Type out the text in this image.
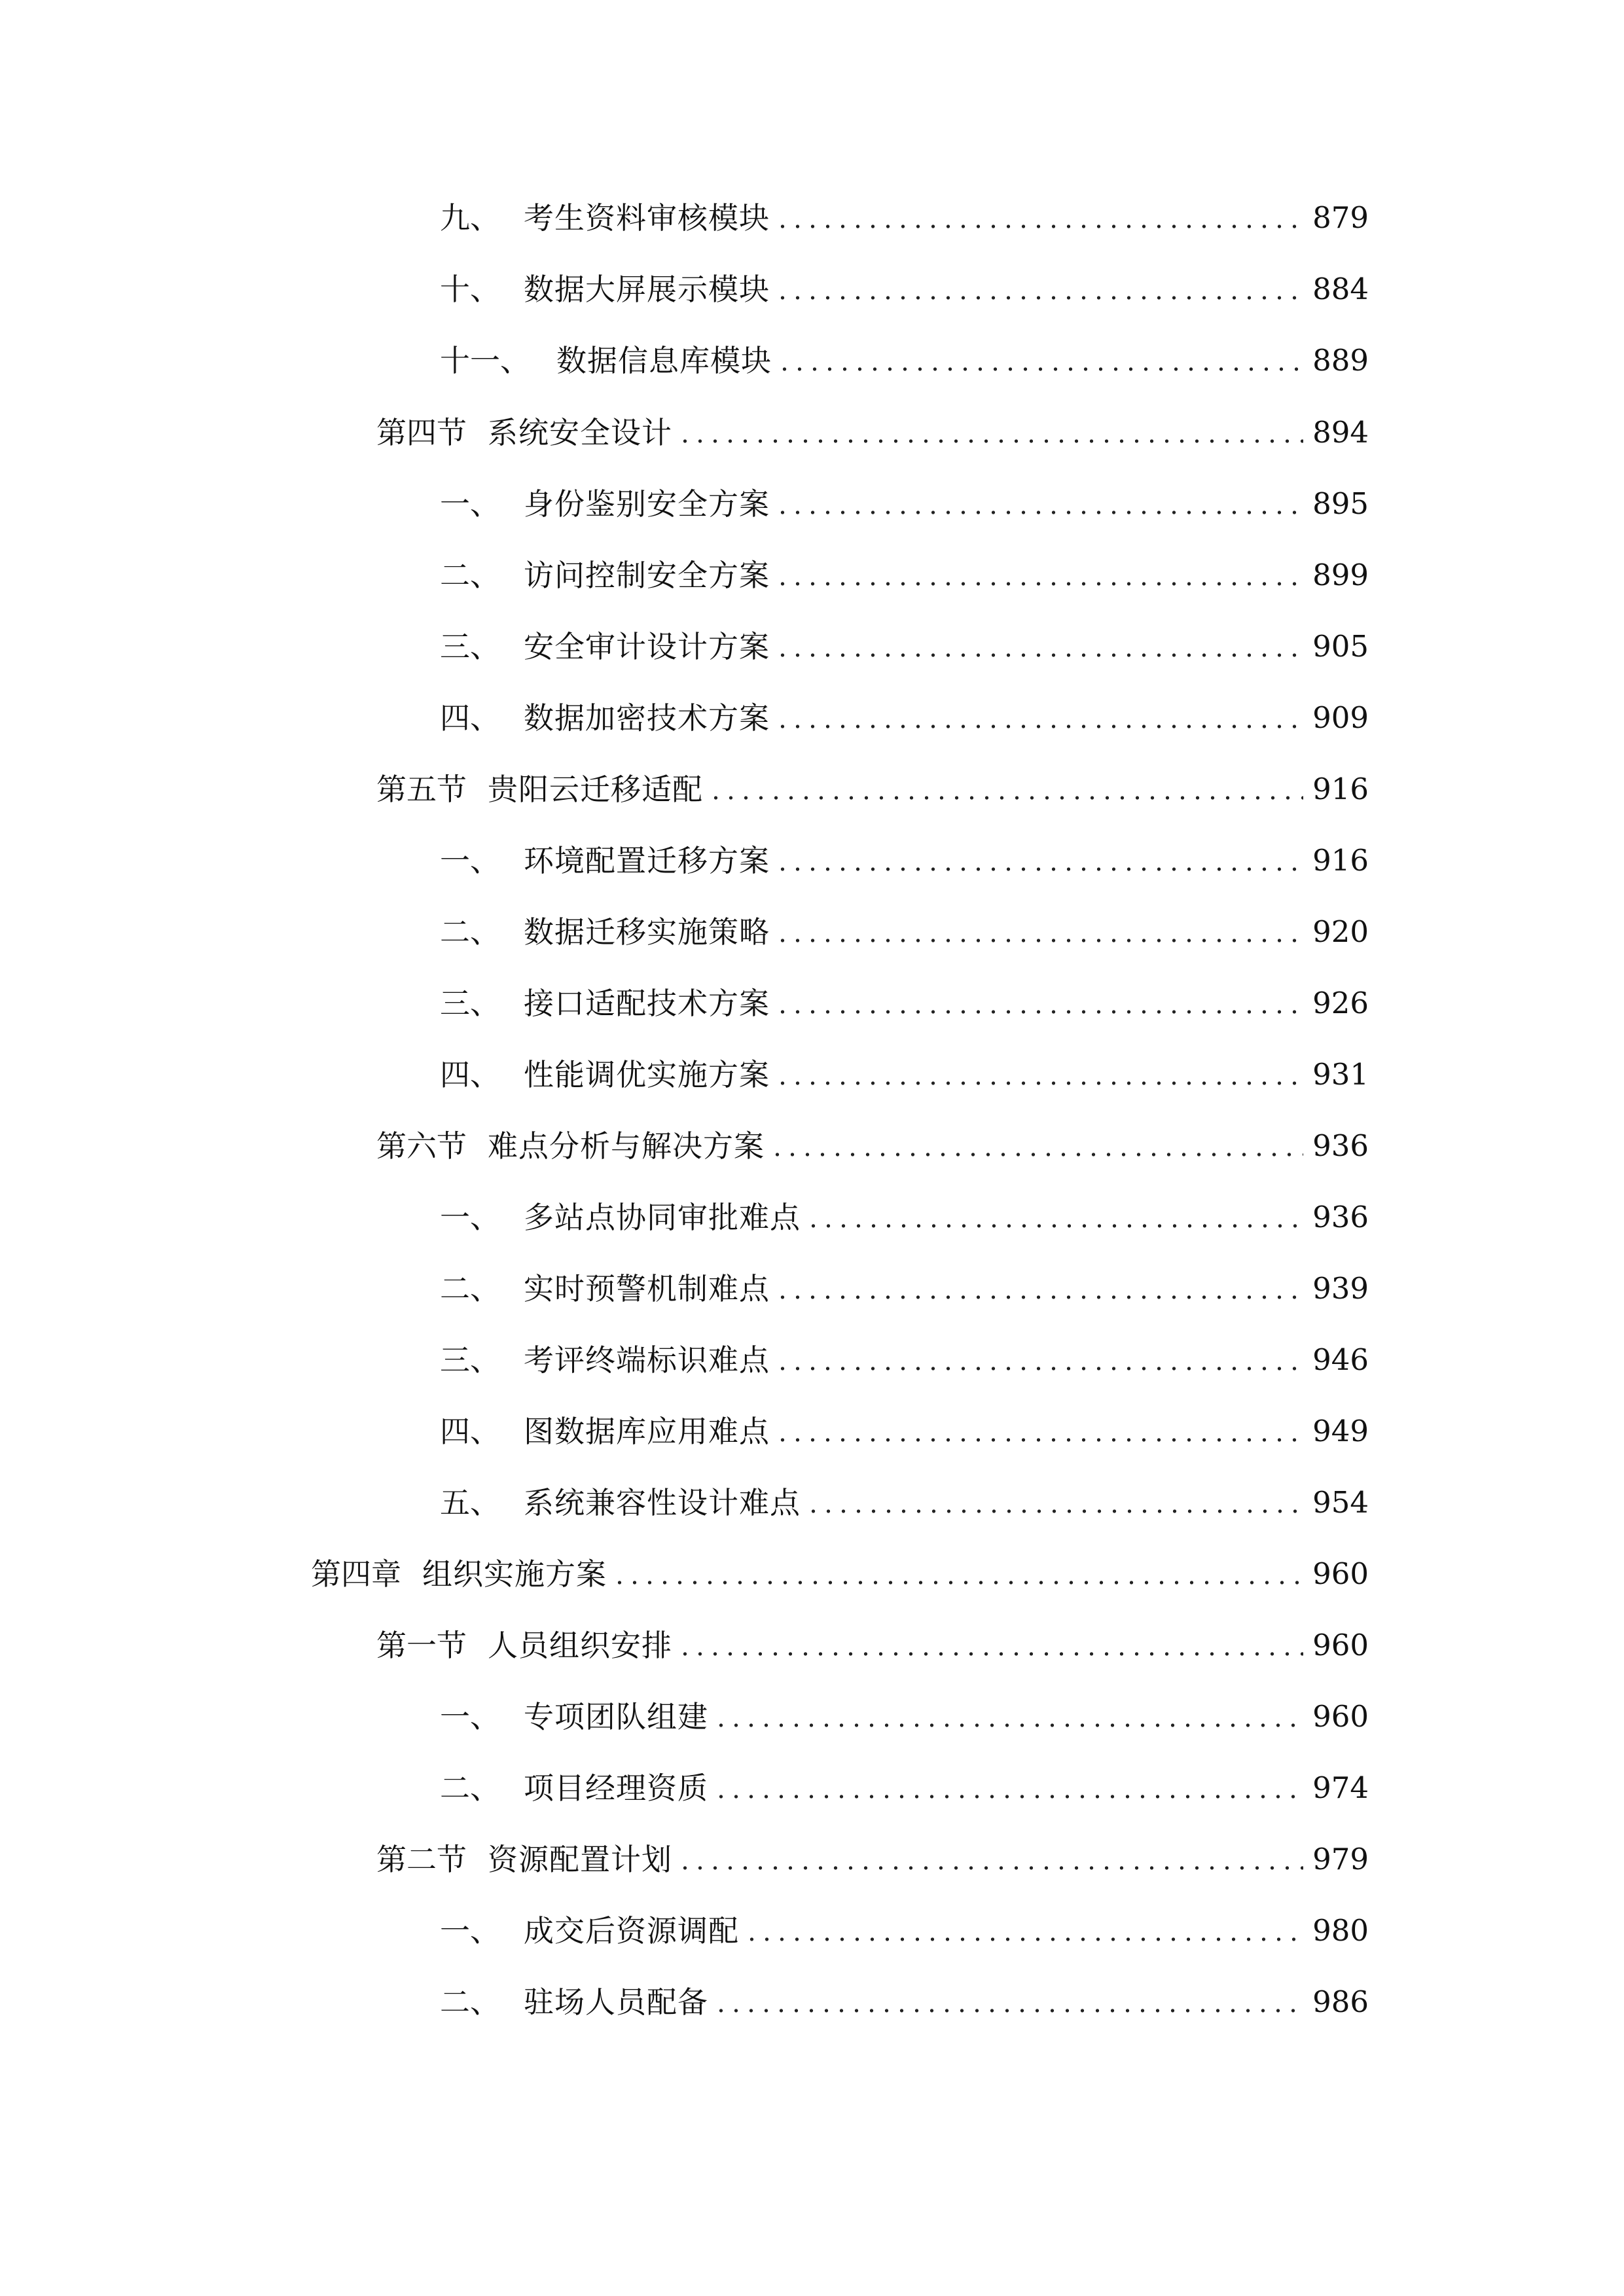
九、 考生资料审核模块	879
十、 数据大屏展示模块	884
十一、 数据信息库模块	889
第四节 系统安全设计	894
一、 身份鉴别安全方案	895
二、 访问控制安全方案	899
三、 安全审计设计方案	905
四、 数据加密技术方案	909
第五节 贵阳云迁移适配	916
一、 环境配置迁移方案	916
二、 数据迁移实施策略	920
三、 接口适配技术方案	926
四、 性能调优实施方案	931
第六节 难点分析与解决方案	936
一、 多站点协同审批难点	936
二、 实时预警机制难点	939
三、 考评终端标识难点	946
四、 图数据库应用难点	949
五、 系统兼容性设计难点	954
第四章 组织实施方案	960
第一节 人员组织安排	960
一、 专项团队组建	960
二、 项目经理资质	974
第二节 资源配置计划	979
一、 成交后资源调配	980
二、 驻场人员配备	986
